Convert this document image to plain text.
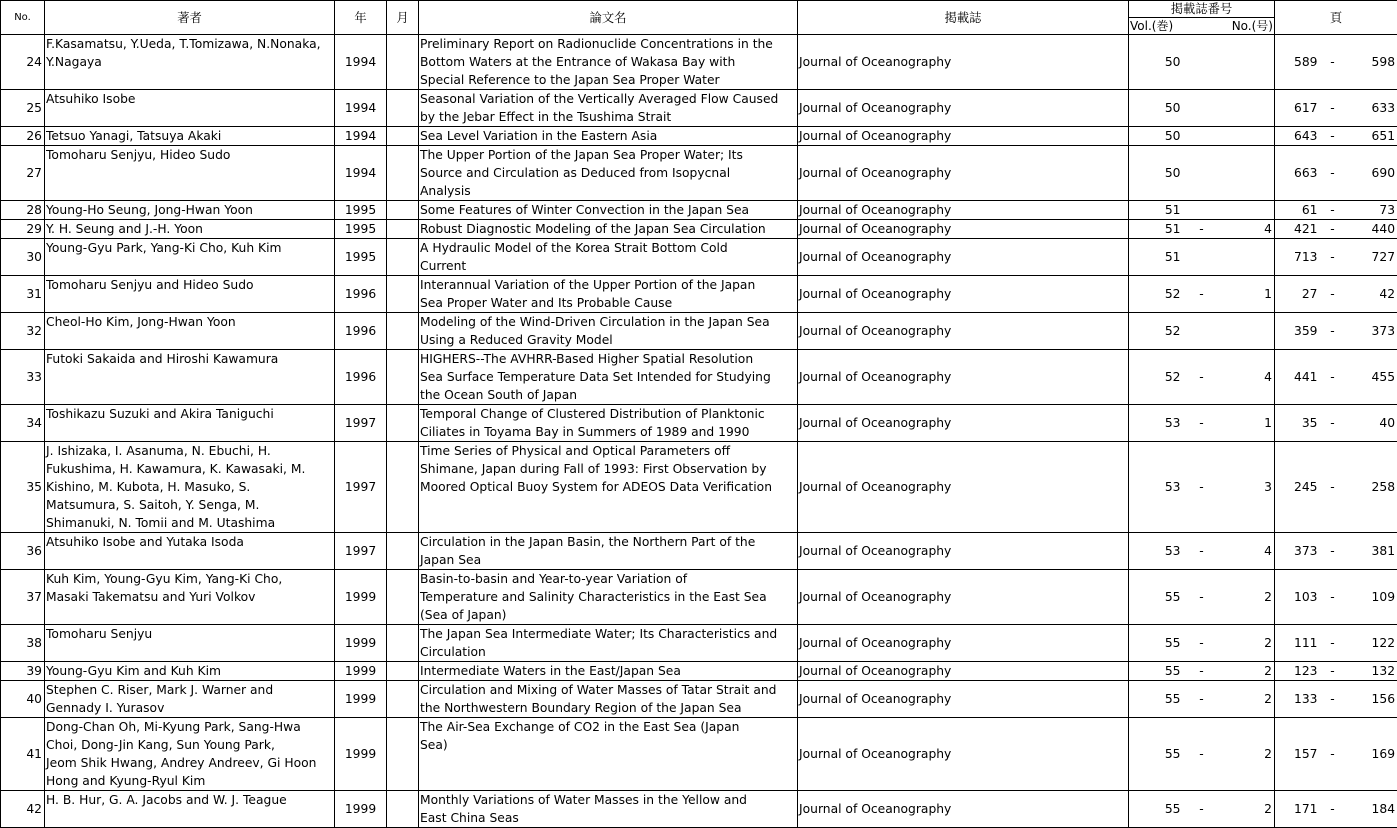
No.	著者	年	月	論文名	掲載誌	掲載誌番号			頁		
						Vol.(巻)		No.(号)			
24	F.Kasamatsu, Y.Ueda, T.Tomizawa, N.Nonaka,
Y.Nagaya	1994		Preliminary Report on Radionuclide Concentrations in the
Bottom Waters at the Entrance of Wakasa Bay with
Special Reference to the Japan Sea Proper Water	Journal of Oceanography	50			589	-	598
25	Atsuhiko Isobe	1994		Seasonal Variation of the Vertically Averaged Flow Caused
by the Jebar Effect in the Tsushima Strait	Journal of Oceanography	50			617	-	633
26	Tetsuo Yanagi, Tatsuya Akaki	1994		Sea Level Variation in the Eastern Asia	Journal of Oceanography	50			643	-	651
27	Tomoharu Senjyu, Hideo Sudo	1994		The Upper Portion of the Japan Sea Proper Water; Its
Source and Circulation as Deduced from Isopycnal
Analysis	Journal of Oceanography	50			663	-	690
28	Young-Ho Seung, Jong-Hwan Yoon	1995		Some Features of Winter Convection in the Japan Sea	Journal of Oceanography	51			61	-	73
29	Y. H. Seung and J.-H. Yoon	1995		Robust Diagnostic Modeling of the Japan Sea Circulation	Journal of Oceanography	51	-	4	421	-	440
30	Young-Gyu Park, Yang-Ki Cho, Kuh Kim	1995		A Hydraulic Model of the Korea Strait Bottom Cold
Current	Journal of Oceanography	51			713	-	727
31	Tomoharu Senjyu and Hideo Sudo	1996		Interannual Variation of the Upper Portion of the Japan
Sea Proper Water and Its Probable Cause	Journal of Oceanography	52	-	1	27	-	42
32	Cheol-Ho Kim, Jong-Hwan Yoon	1996		Modeling of the Wind-Driven Circulation in the Japan Sea
Using a Reduced Gravity Model	Journal of Oceanography	52			359	-	373
33	Futoki Sakaida and Hiroshi Kawamura	1996		HIGHERS--The AVHRR-Based Higher Spatial Resolution
Sea Surface Temperature Data Set Intended for Studying
the Ocean South of Japan	Journal of Oceanography	52	-	4	441	-	455
34	Toshikazu Suzuki and Akira Taniguchi	1997		Temporal Change of Clustered Distribution of Planktonic
Ciliates in Toyama Bay in Summers of 1989 and 1990	Journal of Oceanography	53	-	1	35	-	40
35	J. Ishizaka, I. Asanuma, N. Ebuchi, H.
Fukushima, H. Kawamura, K. Kawasaki, M.
Kishino, M. Kubota, H. Masuko, S.
Matsumura, S. Saitoh, Y. Senga, M.
Shimanuki, N. Tomii and M. Utashima	1997		Time Series of Physical and Optical Parameters off
Shimane, Japan during Fall of 1993: First Observation by
Moored Optical Buoy System for ADEOS Data Verification	Journal of Oceanography	53	-	3	245	-	258
36	Atsuhiko Isobe and Yutaka Isoda	1997		Circulation in the Japan Basin, the Northern Part of the
Japan Sea	Journal of Oceanography	53	-	4	373	-	381
37	Kuh Kim, Young-Gyu Kim, Yang-Ki Cho,
Masaki Takematsu and Yuri Volkov	1999		Basin-to-basin and Year-to-year Variation of
Temperature and Salinity Characteristics in the East Sea
(Sea of Japan)	Journal of Oceanography	55	-	2	103	-	109
38	Tomoharu Senjyu	1999		The Japan Sea Intermediate Water; Its Characteristics and
Circulation	Journal of Oceanography	55	-	2	111	-	122
39	Young-Gyu Kim and Kuh Kim	1999		Intermediate Waters in the East/Japan Sea	Journal of Oceanography	55	-	2	123	-	132
40	Stephen C. Riser, Mark J. Warner and
Gennady I. Yurasov	1999		Circulation and Mixing of Water Masses of Tatar Strait and
the Northwestern Boundary Region of the Japan Sea	Journal of Oceanography	55	-	2	133	-	156
41	Dong-Chan Oh, Mi-Kyung Park, Sang-Hwa
Choi, Dong-Jin Kang, Sun Young Park,
Jeom Shik Hwang, Andrey Andreev, Gi Hoon
Hong and Kyung-Ryul Kim	1999		The Air-Sea Exchange of CO2 in the East Sea (Japan
Sea)	Journal of Oceanography	55	-	2	157	-	169
42	H. B. Hur, G. A. Jacobs and W. J. Teague	1999		Monthly Variations of Water Masses in the Yellow and
East China Seas	Journal of Oceanography	55	-	2	171	-	184
